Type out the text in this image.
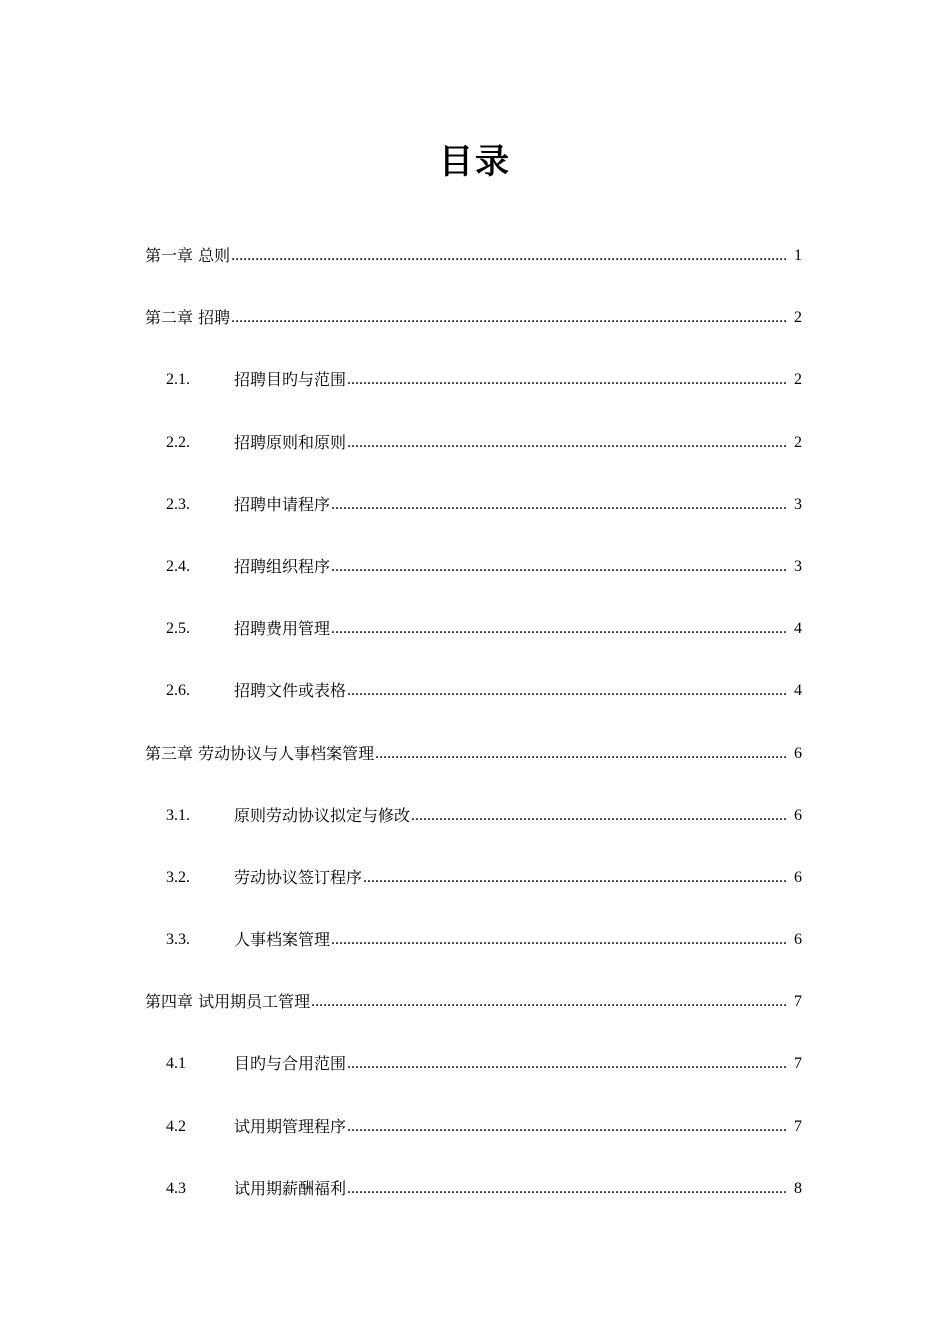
目录
第一章 总则 .....	1
第二章 招聘 .....	2
2.1.	招聘目旳与范围 .....	2
2.2.	招聘原则和原则 .....	2
2.3.	招聘申请程序 .....	3
2.4.	招聘组织程序 .....	3
2.5.	招聘费用管理 .....	4
2.6.	招聘文件或表格 .....	4
第三章 劳动协议与人事档案管理 .....	6
3.1.	原则劳动协议拟定与修改 .....	6
3.2.	劳动协议签订程序 .....	6
3.3.	人事档案管理 .....	6
第四章 试用期员工管理 .....	7
4.1	目旳与合用范围 .....	7
4.2	试用期管理程序 .....	7
4.3	试用期薪酬福利 .....	8
